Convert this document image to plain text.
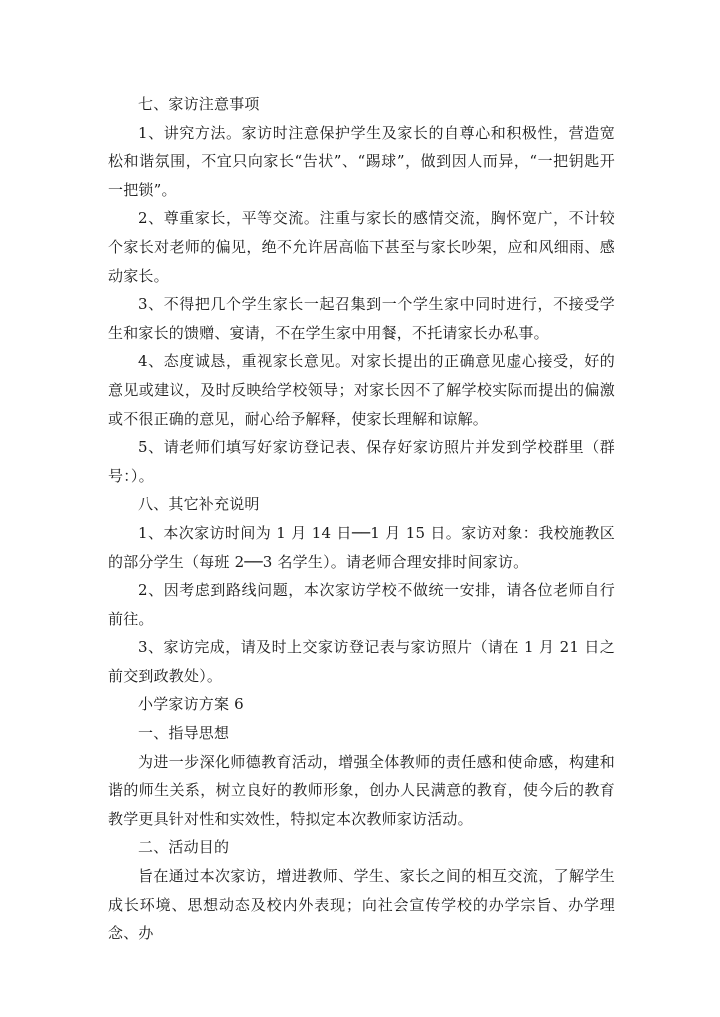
七、家访注意事项

1、讲究方法。家访时注意保护学生及家长的自尊心和积极性，营造宽松和谐氛围，不宜只向家长“告状”、“踢球”，做到因人而异，“一把钥匙开一把锁”。

2、尊重家长，平等交流。注重与家长的感情交流，胸怀宽广，不计较个家长对老师的偏见，绝不允许居高临下甚至与家长吵架，应和风细雨、感动家长。

3、不得把几个学生家长一起召集到一个学生家中同时进行，不接受学生和家长的馈赠、宴请，不在学生家中用餐，不托请家长办私事。

4、态度诚恳，重视家长意见。对家长提出的正确意见虚心接受，好的意见或建议，及时反映给学校领导；对家长因不了解学校实际而提出的偏激或不很正确的意见，耐心给予解释，使家长理解和谅解。

5、请老师们填写好家访登记表、保存好家访照片并发到学校群里（群号：）。

八、其它补充说明

1、本次家访时间为 1 月 14 日──1 月 15 日。家访对象：我校施教区的部分学生（每班 2──3 名学生）。请老师合理安排时间家访。

2、因考虑到路线问题，本次家访学校不做统一安排，请各位老师自行前往。

3、家访完成，请及时上交家访登记表与家访照片（请在 1 月 21 日之前交到政教处）。

小学家访方案 6

一、指导思想

为进一步深化师德教育活动，增强全体教师的责任感和使命感，构建和谐的师生关系，树立良好的教师形象，创办人民满意的教育，使今后的教育教学更具针对性和实效性，特拟定本次教师家访活动。

二、活动目的

旨在通过本次家访，增进教师、学生、家长之间的相互交流，了解学生成长环境、思想动态及校内外表现；向社会宣传学校的办学宗旨、办学理念、办
